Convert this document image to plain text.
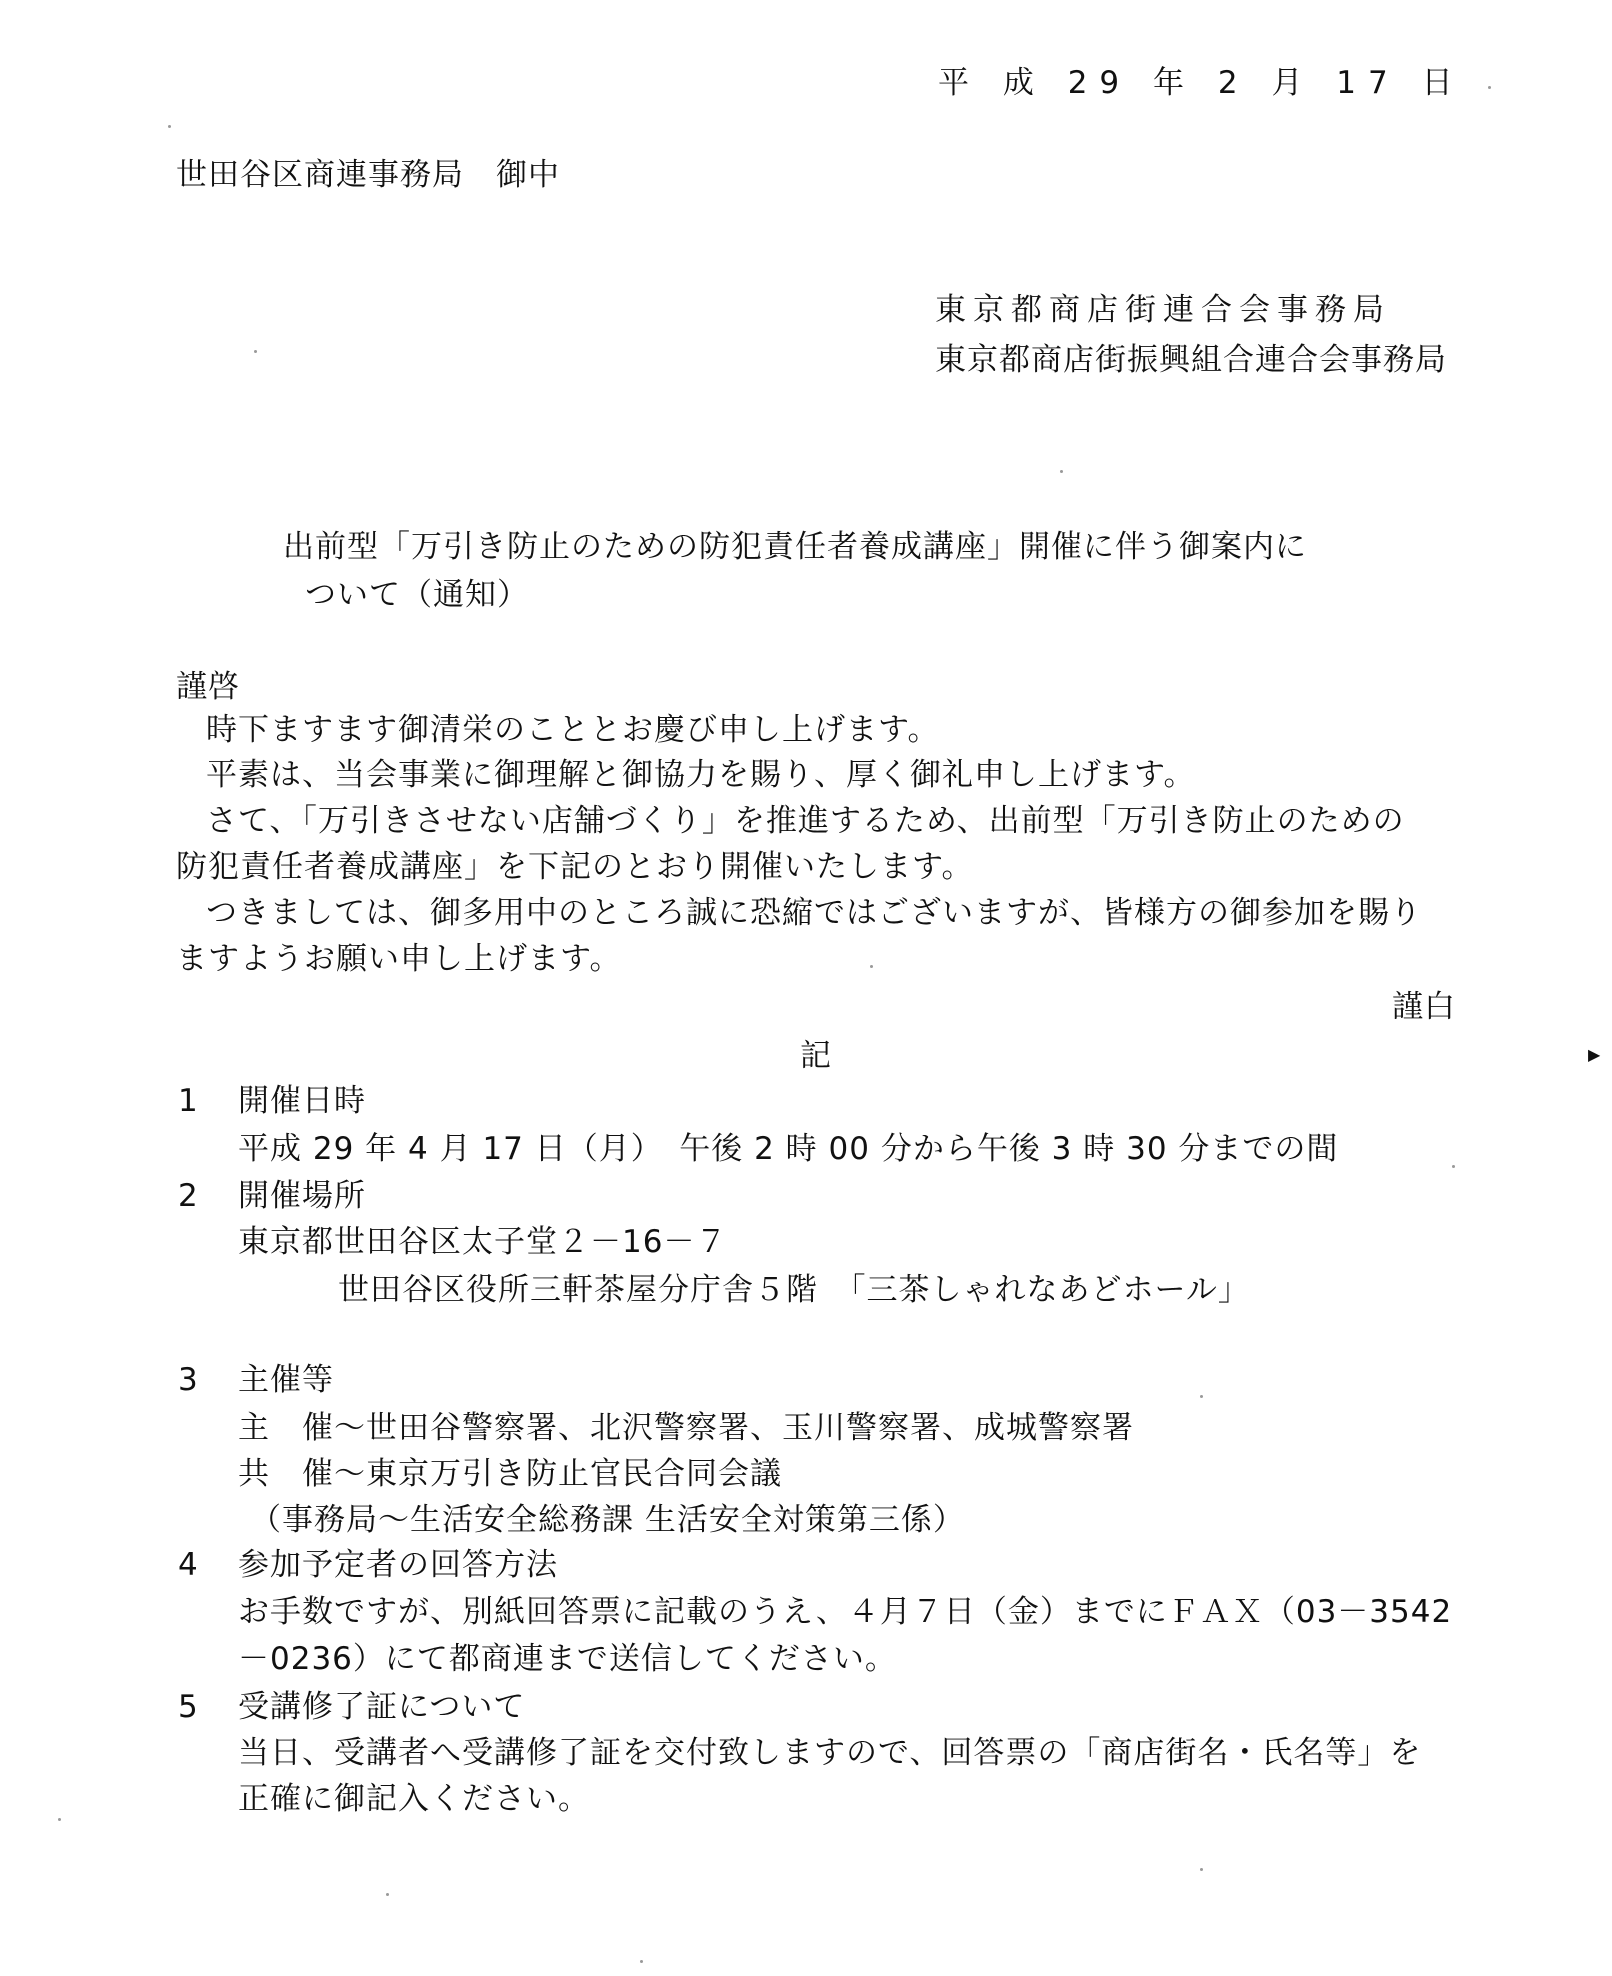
平 成 29 年 2 月 17 日
世田谷区商連事務局　御中
東京都商店街連合会事務局
東京都商店街振興組合連合会事務局
出前型「万引き防止のための防犯責任者養成講座」開催に伴う御案内に
ついて（通知）
謹啓
時下ますます御清栄のこととお慶び申し上げます。
平素は、当会事業に御理解と御協力を賜り、厚く御礼申し上げます。
さて、「万引きさせない店舗づくり」を推進するため、出前型「万引き防止のための
防犯責任者養成講座」を下記のとおり開催いたします。
つきましては、御多用中のところ誠に恐縮ではございますが、皆様方の御参加を賜り
ますようお願い申し上げます。
謹白
記	▶
1 開催日時
平成 29 年 4 月 17 日（月）　午後 2 時 00 分から午後 3 時 30 分までの間
2 開催場所
東京都世田谷区太子堂２－16－７
世田谷区役所三軒茶屋分庁舎５階　「三茶しゃれなあどホール」
3 主催等
主　催～世田谷警察署、北沢警察署、玉川警察署、成城警察署
共　催～東京万引き防止官民合同会議
（事務局～生活安全総務課 生活安全対策第三係）
4 参加予定者の回答方法
お手数ですが、別紙回答票に記載のうえ、４月７日（金）までにＦＡＸ（03－3542
－0236）にて都商連まで送信してください。
5 受講修了証について
当日、受講者へ受講修了証を交付致しますので、回答票の「商店街名・氏名等」を
正確に御記入ください。
